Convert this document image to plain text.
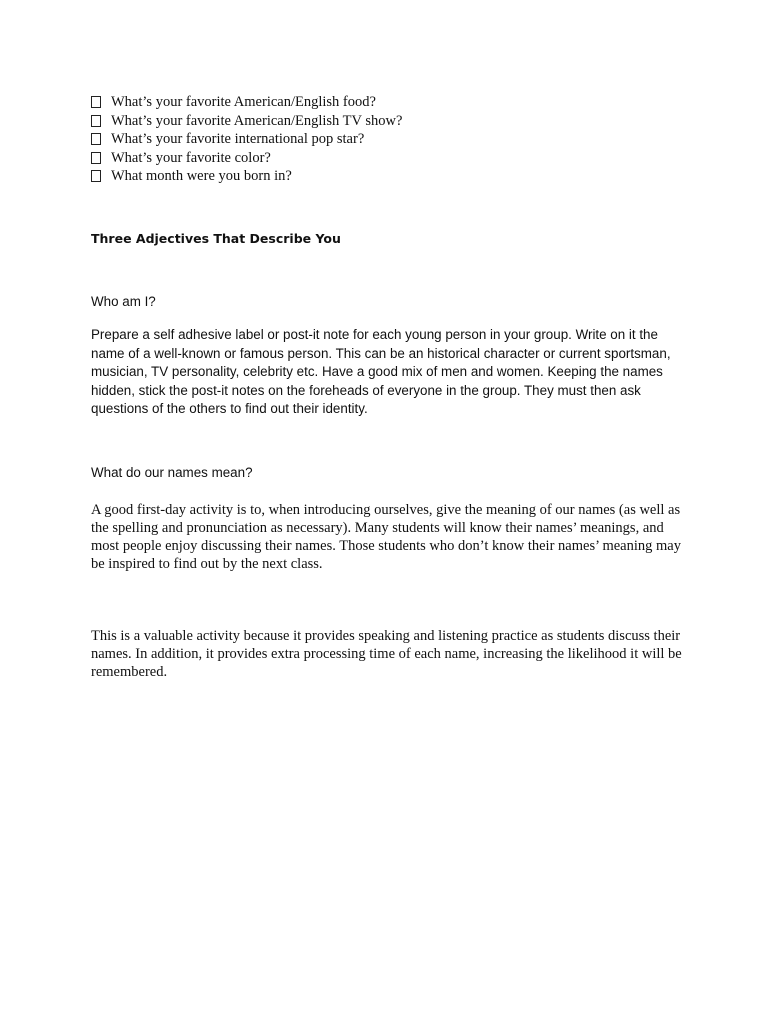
What’s your favorite American/English food?
What’s your favorite American/English TV show?
What’s your favorite international pop star?
What’s your favorite color?
What month were you born in?
Three Adjectives That Describe You

Who am I?

Prepare a self adhesive label or post-it note for each young person in your group. Write on it the name of a well-known or famous person. This can be an historical character or current sportsman, musician, TV personality, celebrity etc. Have a good mix of men and women. Keeping the names hidden, stick the post-it notes on the foreheads of everyone in the group. They must then ask questions of the others to find out their identity.

What do our names mean?

A good first-day activity is to, when introducing ourselves, give the meaning of our names (as well as the spelling and pronunciation as necessary). Many students will know their names’ meanings, and most people enjoy discussing their names. Those students who don’t know their names’ meaning may be inspired to find out by the next class.

This is a valuable activity because it provides speaking and listening practice as students discuss their names. In addition, it provides extra processing time of each name, increasing the likelihood it will be remembered.
